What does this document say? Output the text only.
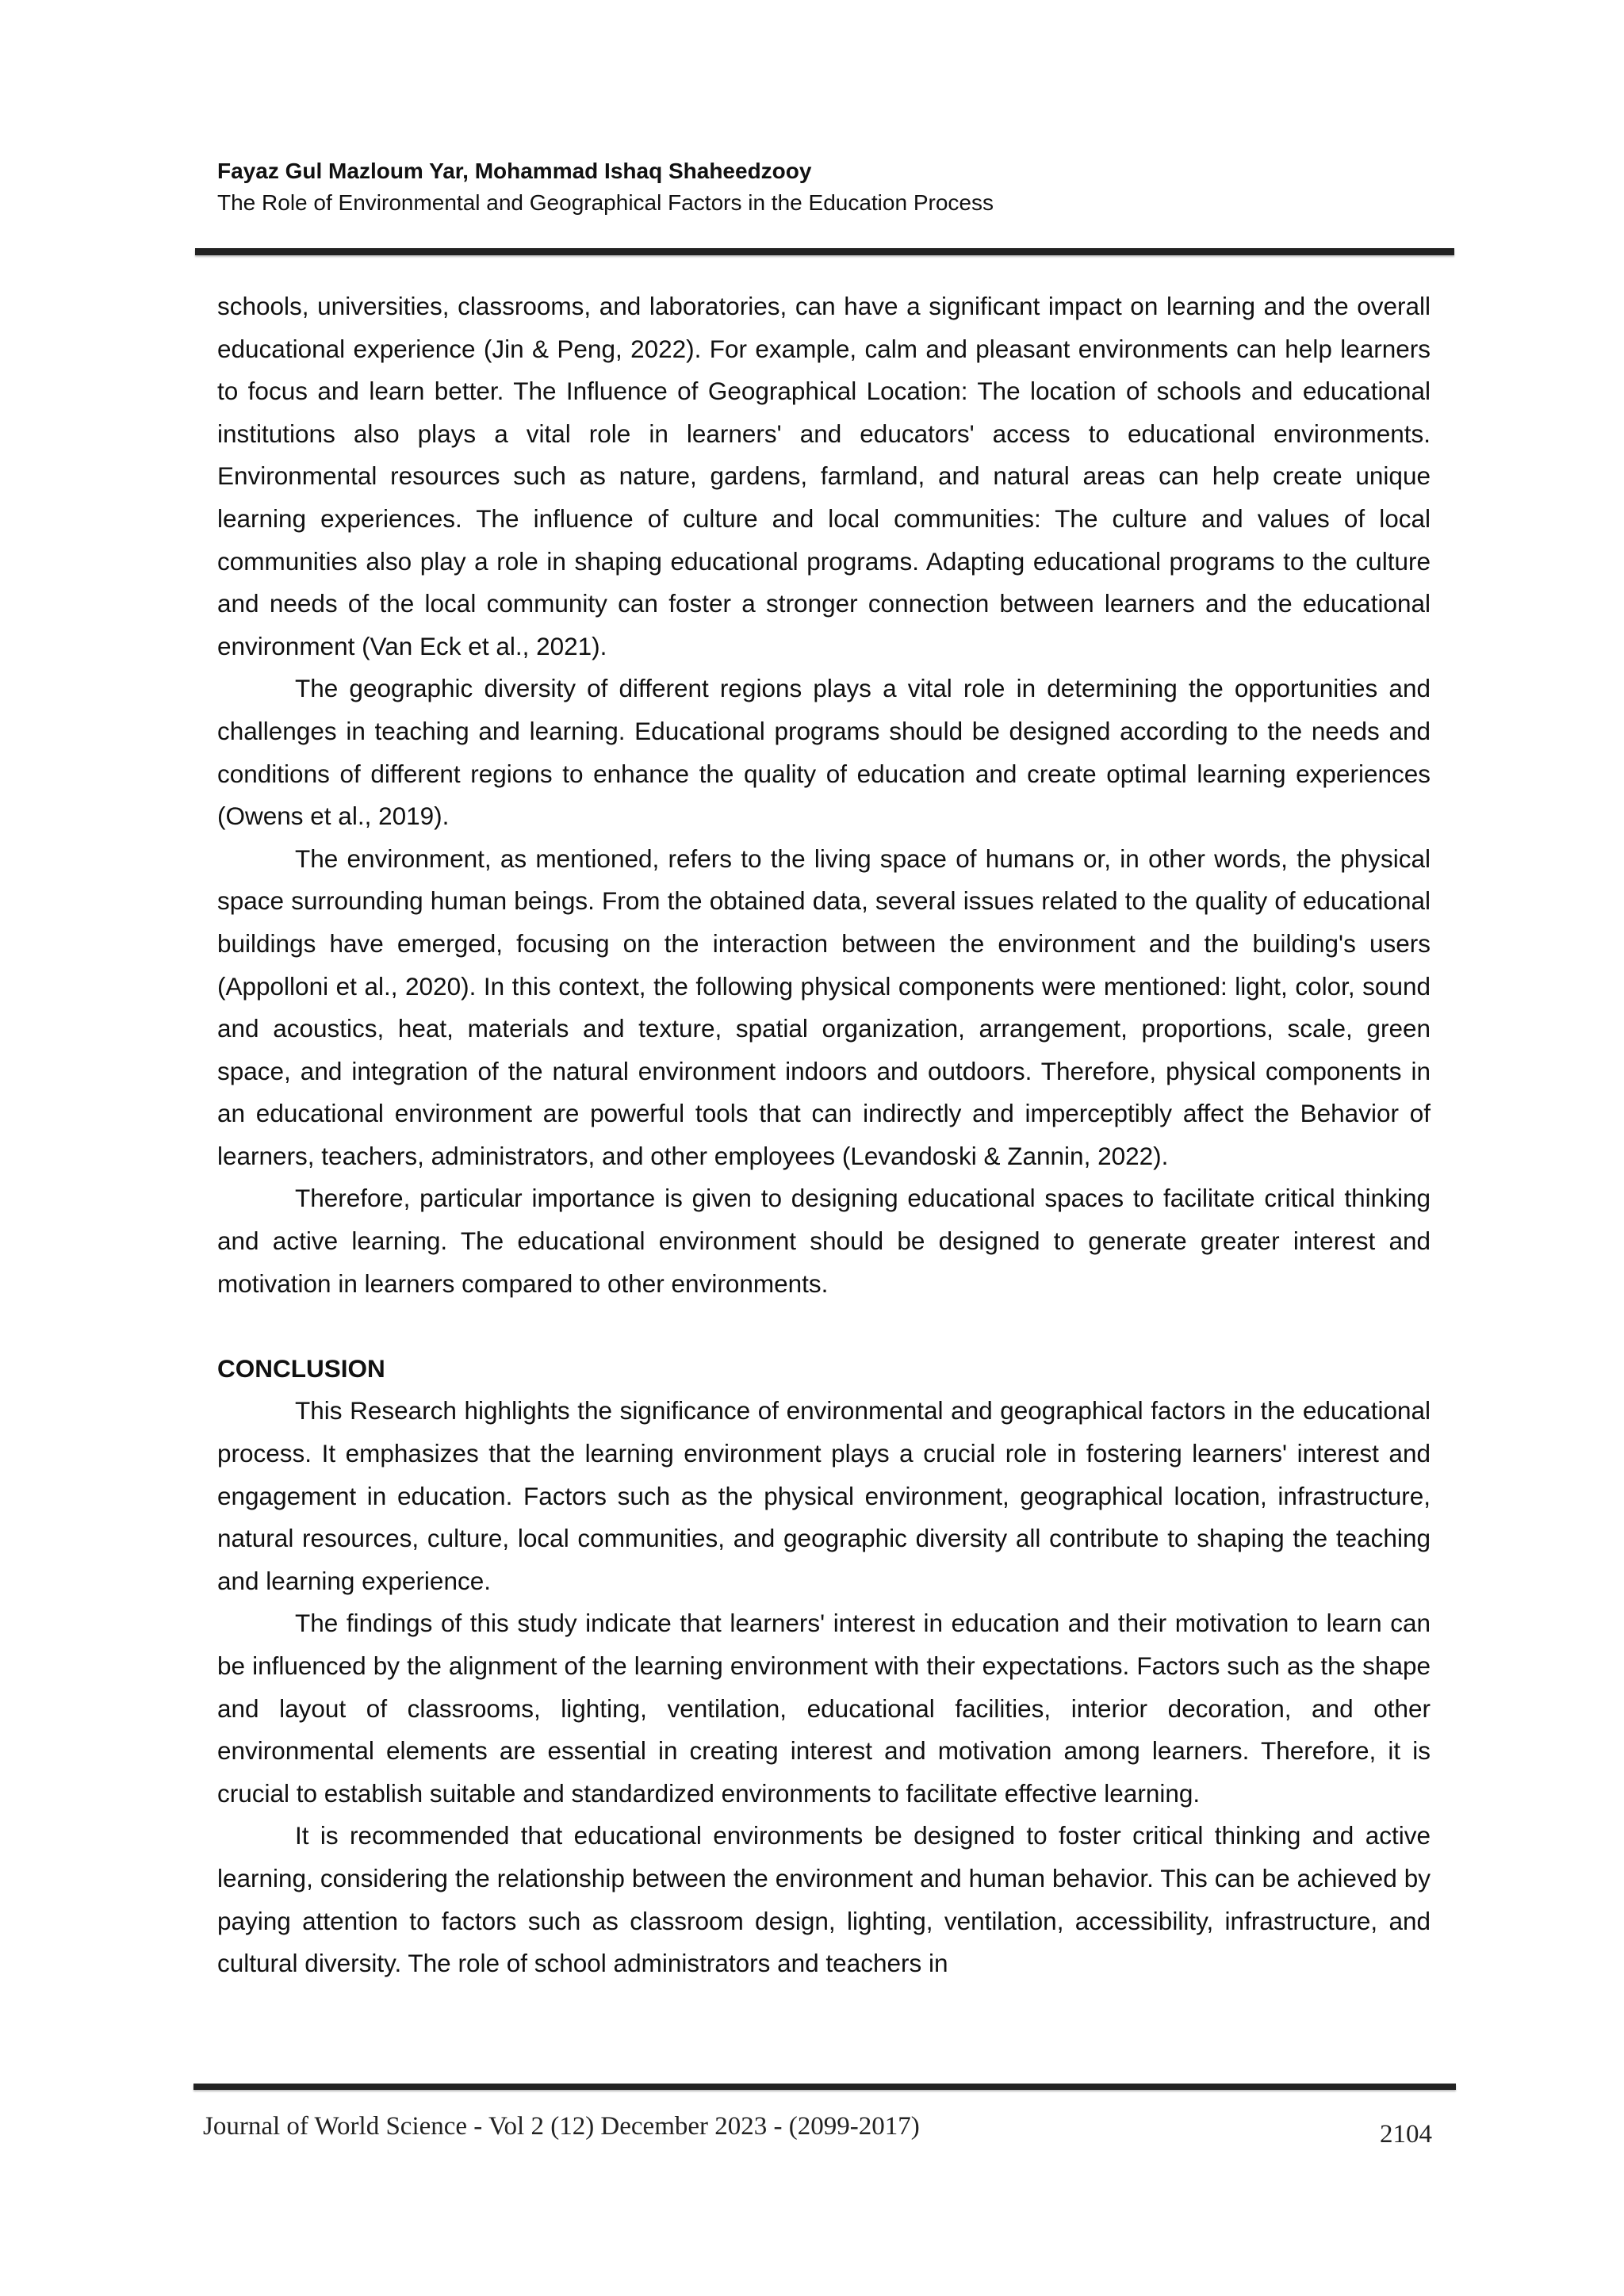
Fayaz Gul Mazloum Yar, Mohammad Ishaq Shaheedzooy
The Role of Environmental and Geographical Factors in the Education Process

schools, universities, classrooms, and laboratories, can have a significant impact on learning and the overall educational experience (Jin & Peng, 2022). For example, calm and pleasant environments can help learners to focus and learn better. The Influence of Geographical Location: The location of schools and educational institutions also plays a vital role in learners' and educators' access to educational environments. Environmental resources such as nature, gardens, farmland, and natural areas can help create unique learning experiences. The influence of culture and local communities: The culture and values of local communities also play a role in shaping educational programs. Adapting educational programs to the culture and needs of the local community can foster a stronger connection between learners and the educational environment (Van Eck et al., 2021).

The geographic diversity of different regions plays a vital role in determining the opportunities and challenges in teaching and learning. Educational programs should be designed according to the needs and conditions of different regions to enhance the quality of education and create optimal learning experiences (Owens et al., 2019).

The environment, as mentioned, refers to the living space of humans or, in other words, the physical space surrounding human beings. From the obtained data, several issues related to the quality of educational buildings have emerged, focusing on the interaction between the environment and the building's users (Appolloni et al., 2020). In this context, the following physical components were mentioned: light, color, sound and acoustics, heat, materials and texture, spatial organization, arrangement, proportions, scale, green space, and integration of the natural environment indoors and outdoors. Therefore, physical components in an educational environment are powerful tools that can indirectly and imperceptibly affect the Behavior of learners, teachers, administrators, and other employees (Levandoski & Zannin, 2022).

Therefore, particular importance is given to designing educational spaces to facilitate critical thinking and active learning. The educational environment should be designed to generate greater interest and motivation in learners compared to other environments.

CONCLUSION

This Research highlights the significance of environmental and geographical factors in the educational process. It emphasizes that the learning environment plays a crucial role in fostering learners' interest and engagement in education. Factors such as the physical environment, geographical location, infrastructure, natural resources, culture, local communities, and geographic diversity all contribute to shaping the teaching and learning experience.

The findings of this study indicate that learners' interest in education and their motivation to learn can be influenced by the alignment of the learning environment with their expectations. Factors such as the shape and layout of classrooms, lighting, ventilation, educational facilities, interior decoration, and other environmental elements are essential in creating interest and motivation among learners. Therefore, it is crucial to establish suitable and standardized environments to facilitate effective learning.

It is recommended that educational environments be designed to foster critical thinking and active learning, considering the relationship between the environment and human behavior. This can be achieved by paying attention to factors such as classroom design, lighting, ventilation, accessibility, infrastructure, and cultural diversity. The role of school administrators and teachers in

Journal of World Science - Vol 2 (12) December 2023 - (2099-2017)	2104
